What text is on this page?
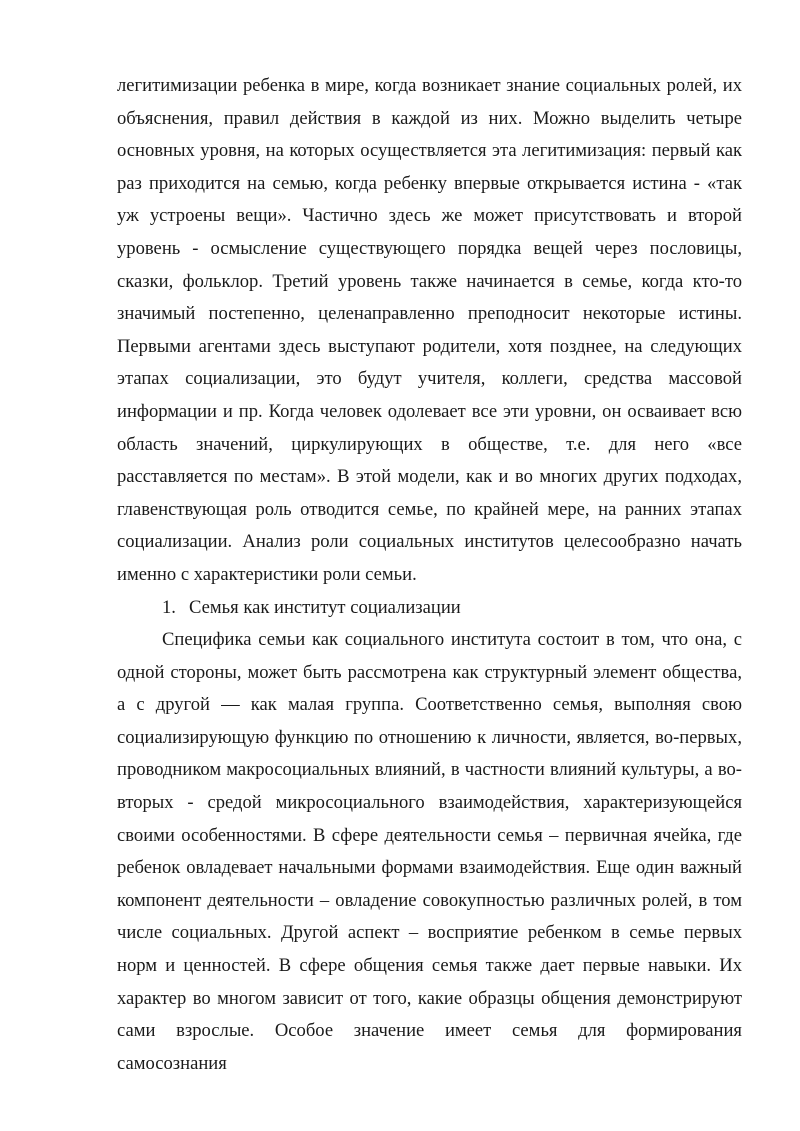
легитимизации ребенка в мире, когда возникает знание социальных ролей, их объяснения, правил действия в каждой из них. Можно выделить четыре основных уровня, на которых осуществляется эта легитимизация: первый как раз приходится на семью, когда ребенку впервые открывается истина - «так уж устроены вещи». Частично здесь же может присутствовать и второй уровень - осмысление существующего порядка вещей через пословицы, сказки, фольклор. Третий уровень также начинается в семье, когда кто-то значимый постепенно, целенаправленно преподносит некоторые истины. Первыми агентами здесь выступают родители, хотя позднее, на следующих этапах социализации, это будут учителя, коллеги, средства массовой информации и пр. Когда человек одолевает все эти уровни, он осваивает всю область значений, циркулирующих в обществе, т.е. для него «все расставляется по местам». В этой модели, как и во многих других подходах, главенствующая роль отводится семье, по крайней мере, на ранних этапах социализации. Анализ роли социальных институтов целесообразно начать именно с характеристики роли семьи.

1. Семья как институт социализации

Специфика семьи как социального института состоит в том, что она, с одной стороны, может быть рассмотрена как структурный элемент общества, а с другой — как малая группа. Соответственно семья, выполняя свою социализирующую функцию по отношению к личности, является, во-первых, проводником макросоциальных влияний, в частности влияний культуры, а во-вторых - средой микросоциального взаимодействия, характеризующейся своими особенностями. В сфере деятельности семья – первичная ячейка, где ребенок овладевает начальными формами взаимодействия. Еще один важный компонент деятельности – овладение совокупностью различных ролей, в том числе социальных. Другой аспект – восприятие ребенком в семье первых норм и ценностей. В сфере общения семья также дает первые навыки. Их характер во многом зависит от того, какие образцы общения демонстрируют сами взрослые. Особое значение имеет семья для формирования самосознания
